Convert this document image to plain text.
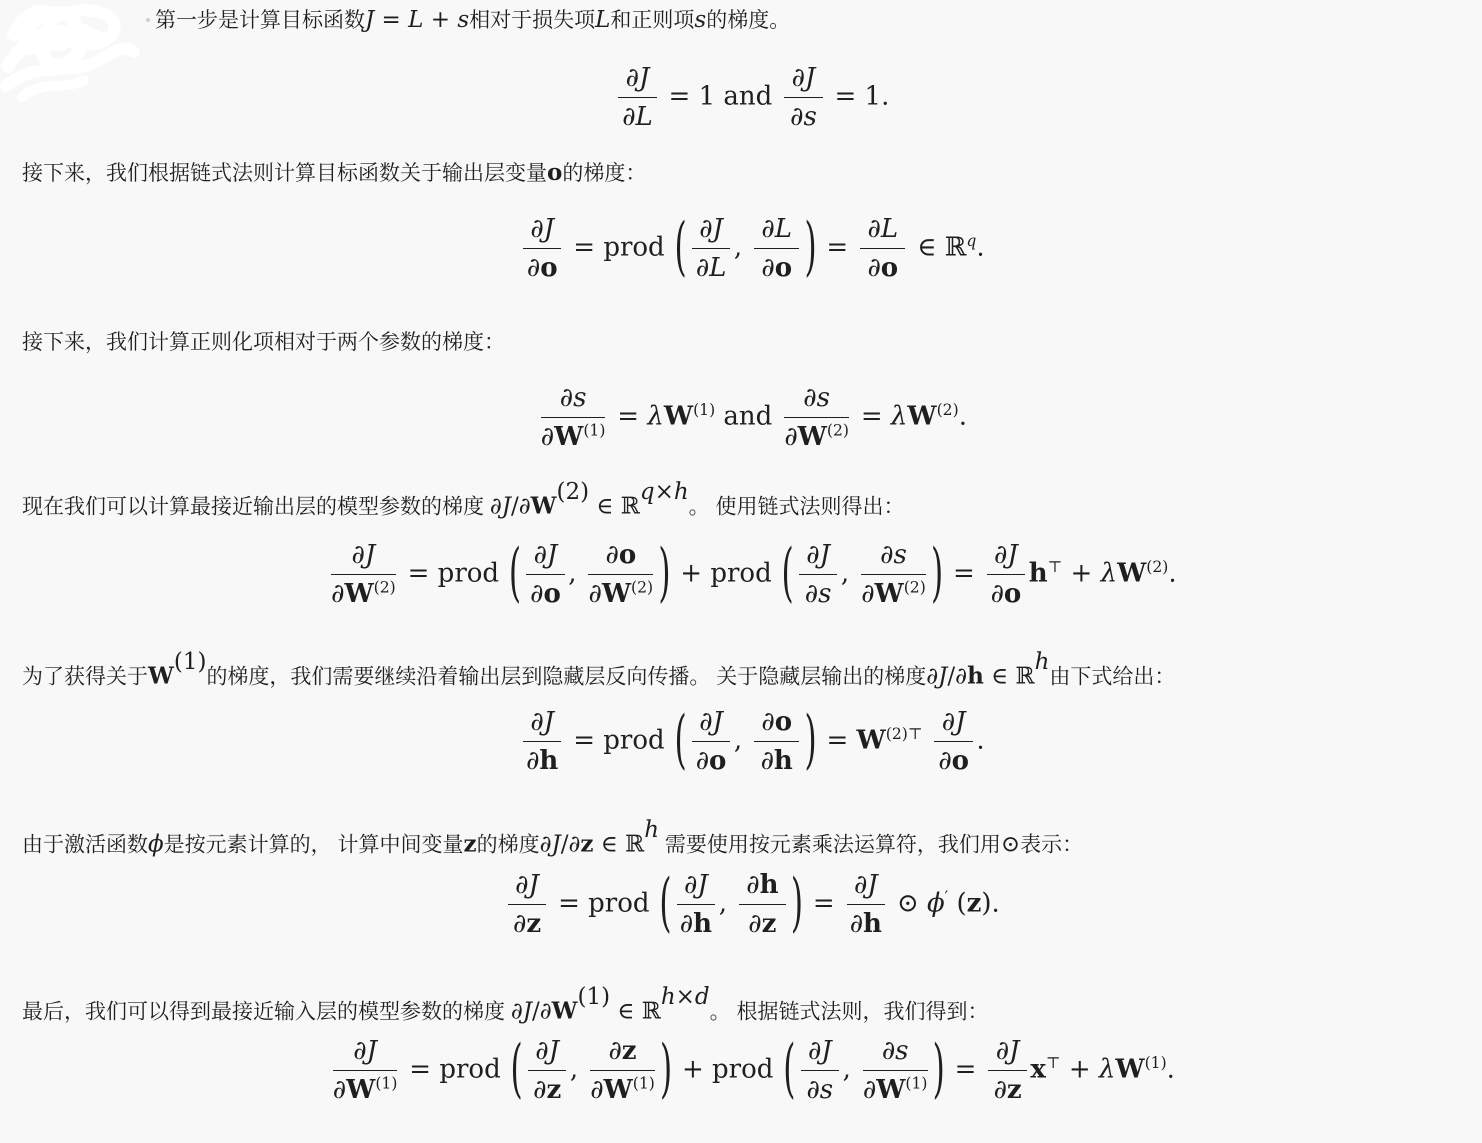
第一步是计算目标函数J = L + s相对于损失项L和正则项s的梯度。

$\frac{\partial J}{\partial L} = 1$ and $\frac{\partial J}{\partial s} = 1$.

接下来，我们根据链式法则计算目标函数关于输出层变量o的梯度：

$\frac{\partial J}{\partial o}$ = prod ( $\frac{\partial J}{\partial L}$ , $\frac{\partial L}{\partial o}$ ) = $\frac{\partial L}{\partial o}$ ∈ ℝ$^q$.

接下来，我们计算正则化项相对于两个参数的梯度：

$\frac{\partial s}{\partial W^{(1)}} = \lambda W^{(1)}$ and $\frac{\partial s}{\partial W^{(2)}} = \lambda W^{(2)}$.

现在我们可以计算最接近输出层的模型参数的梯度 ∂J/∂W(2) ∈ ℝq×h。 使用链式法则得出：

$\frac{\partial J}{\partial W^{(2)}}$ = prod ( $\frac{\partial J}{\partial o}$ , $\frac{\partial o}{\partial W^{(2)}}$ ) + prod ( $\frac{\partial J}{\partial s}$ , $\frac{\partial s}{\partial W^{(2)}}$ ) = $\frac{\partial J}{\partial o} h^⊤ + \lambda W^{(2)}$.

为了获得关于W(1)的梯度，我们需要继续沿着输出层到隐藏层反向传播。 关于隐藏层输出的梯度∂J/∂h ∈ ℝh由下式给出：

$\frac{\partial J}{\partial h}$ = prod ( $\frac{\partial J}{\partial o}$ , $\frac{\partial o}{\partial h}$ ) = $W^{(2)⊤} \frac{\partial J}{\partial o}$ .

由于激活函数ϕ是按元素计算的， 计算中间变量z的梯度∂J/∂z ∈ ℝh 需要使用按元素乘法运算符，我们用⊙表示：

$\frac{\partial J}{\partial z}$ = prod ( $\frac{\partial J}{\partial h}$ , $\frac{\partial h}{\partial z}$ ) = $\frac{\partial J}{\partial h}$ ⊙ ϕ′ (z).

最后，我们可以得到最接近输入层的模型参数的梯度 ∂J/∂W(1) ∈ ℝh×d。 根据链式法则，我们得到：

$\frac{\partial J}{\partial W^{(1)}}$ = prod ( $\frac{\partial J}{\partial z}$ , $\frac{\partial z}{\partial W^{(1)}}$ ) + prod ( $\frac{\partial J}{\partial s}$ , $\frac{\partial s}{\partial W^{(1)}}$ ) = $\frac{\partial J}{\partial z} x^⊤ + \lambda W^{(1)}$.
